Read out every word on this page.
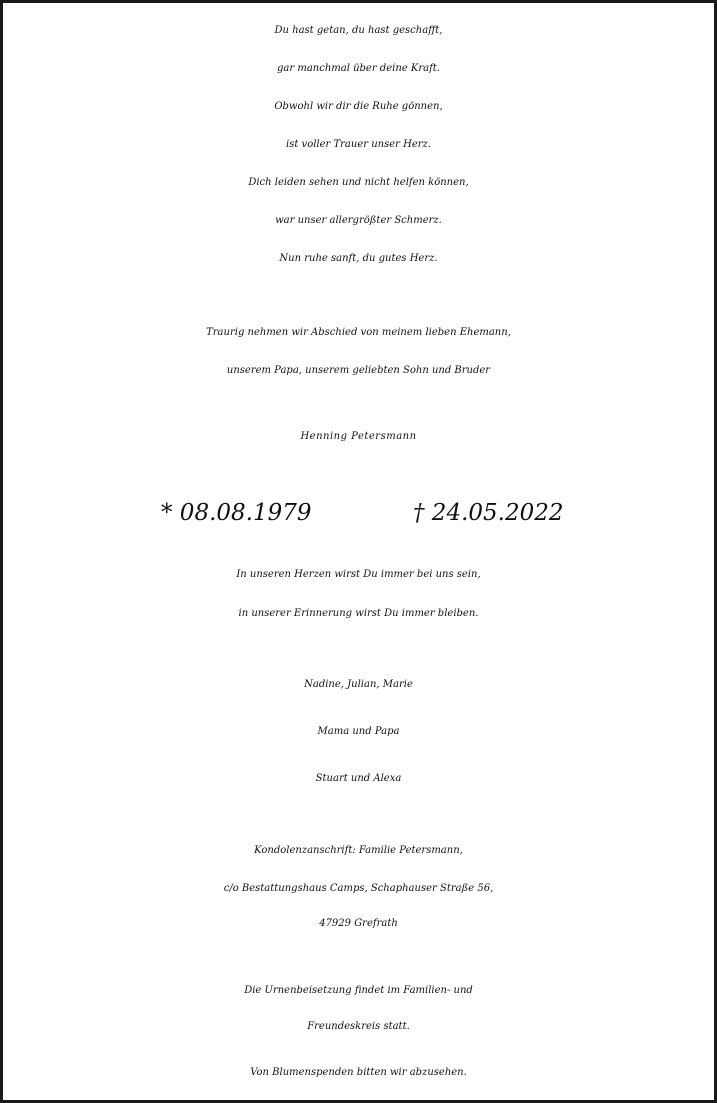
Du hast getan, du hast geschafft,
gar manchmal über deine Kraft.
Obwohl wir dir die Ruhe gönnen,
ist voller Trauer unser Herz.
Dich leiden sehen und nicht helfen können,
war unser allergrößter Schmerz.
Nun ruhe sanft, du gutes Herz.
Traurig nehmen wir Abschied von meinem lieben Ehemann,
unserem Papa, unserem geliebten Sohn und Bruder
Henning Petersmann
* 08.08.1979	† 24.05.2022
In unseren Herzen wirst Du immer bei uns sein,
in unserer Erinnerung wirst Du immer bleiben.
Nadine, Julian, Marie
Mama und Papa
Stuart und Alexa
Kondolenzanschrift: Familie Petersmann,
c/o Bestattungshaus Camps, Schaphauser Straße 56,
47929 Grefrath
Die Urnenbeisetzung findet im Familien- und
Freundeskreis statt.
Von Blumenspenden bitten wir abzusehen.
